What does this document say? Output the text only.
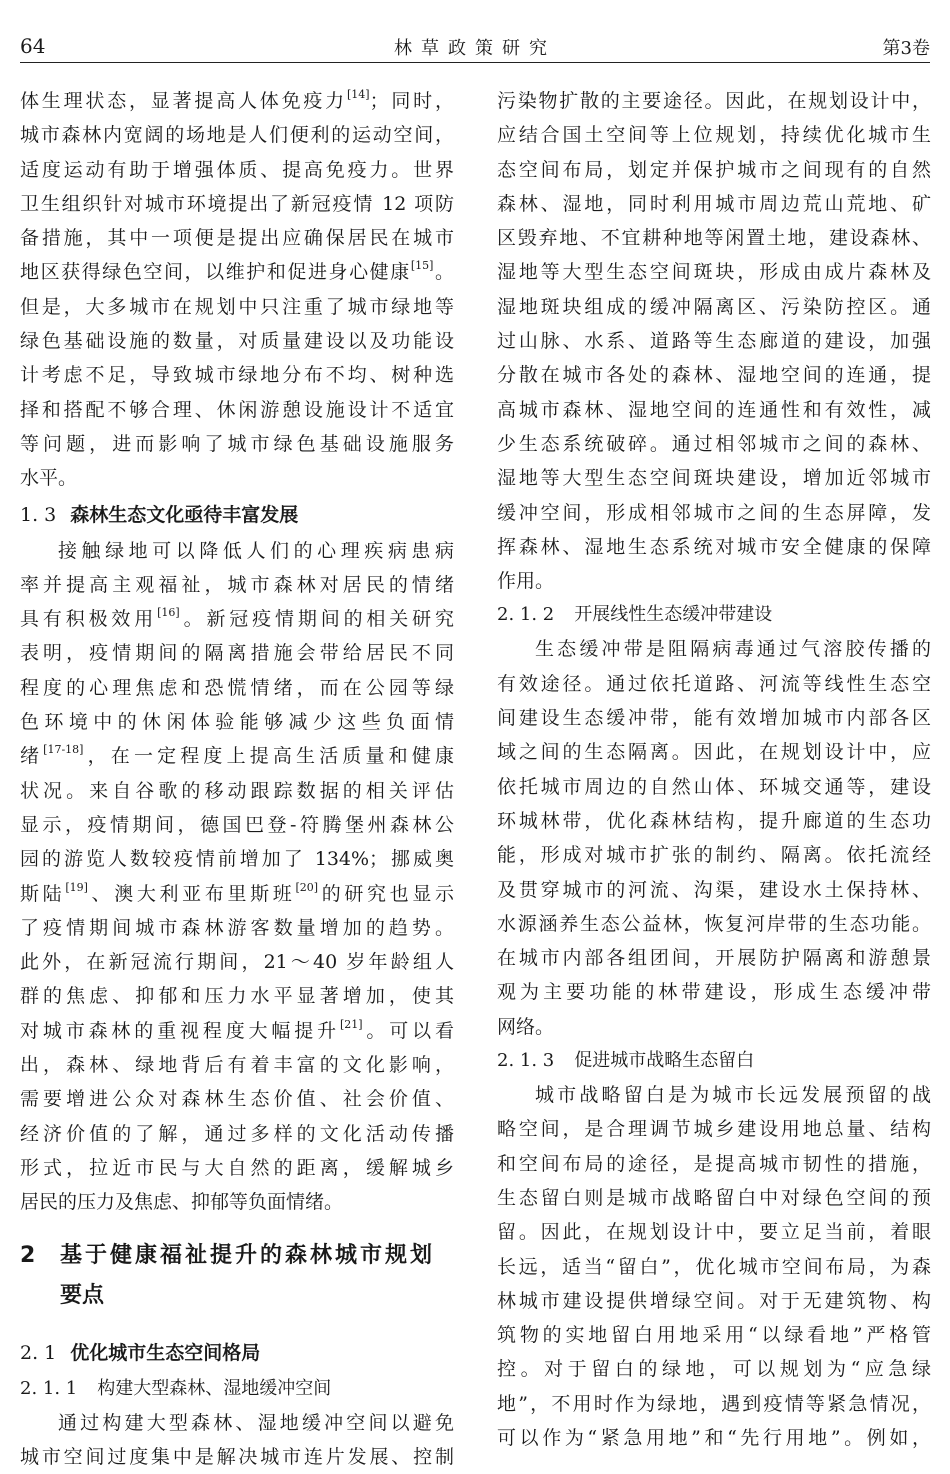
64	林草政策研究	第3卷
体生理状态，显著提高人体免疫力[14]；同时，
城市森林内宽阔的场地是人们便利的运动空间，
适度运动有助于增强体质、提高免疫力。世界
卫生组织针对城市环境提出了新冠疫情 12 项防
备措施，其中一项便是提出应确保居民在城市
地区获得绿色空间，以维护和促进身心健康[15]。
但是，大多城市在规划中只注重了城市绿地等
绿色基础设施的数量，对质量建设以及功能设
计考虑不足，导致城市绿地分布不均、树种选
择和搭配不够合理、休闲游憩设施设计不适宜
等问题，进而影响了城市绿色基础设施服务
水平。
1. 3 森林生态文化亟待丰富发展
接触绿地可以降低人们的心理疾病患病
率并提高主观福祉，城市森林对居民的情绪
具有积极效用[16]。新冠疫情期间的相关研究
表明，疫情期间的隔离措施会带给居民不同
程度的心理焦虑和恐慌情绪，而在公园等绿
色环境中的休闲体验能够减少这些负面情
绪[17-18]，在一定程度上提高生活质量和健康
状况。来自谷歌的移动跟踪数据的相关评估
显示，疫情期间，德国巴登-符腾堡州森林公
园的游览人数较疫情前增加了 134%；挪威奥
斯陆[19]、澳大利亚布里斯班[20]的研究也显示
了疫情期间城市森林游客数量增加的趋势。
此外，在新冠流行期间，21～40 岁年龄组人
群的焦虑、抑郁和压力水平显著增加，使其
对城市森林的重视程度大幅提升[21]。可以看
出，森林、绿地背后有着丰富的文化影响，
需要增进公众对森林生态价值、社会价值、
经济价值的了解，通过多样的文化活动传播
形式，拉近市民与大自然的距离，缓解城乡
居民的压力及焦虑、抑郁等负面情绪。
2 基于健康福祉提升的森林城市规划
要点
2. 1 优化城市生态空间格局
2. 1. 1 构建大型森林、湿地缓冲空间
通过构建大型森林、湿地缓冲空间以避免
城市空间过度集中是解决城市连片发展、控制
污染物扩散的主要途径。因此，在规划设计中，
应结合国土空间等上位规划，持续优化城市生
态空间布局，划定并保护城市之间现有的自然
森林、湿地，同时利用城市周边荒山荒地、矿
区毁弃地、不宜耕种地等闲置土地，建设森林、
湿地等大型生态空间斑块，形成由成片森林及
湿地斑块组成的缓冲隔离区、污染防控区。通
过山脉、水系、道路等生态廊道的建设，加强
分散在城市各处的森林、湿地空间的连通，提
高城市森林、湿地空间的连通性和有效性，减
少生态系统破碎。通过相邻城市之间的森林、
湿地等大型生态空间斑块建设，增加近邻城市
缓冲空间，形成相邻城市之间的生态屏障，发
挥森林、湿地生态系统对城市安全健康的保障
作用。
2. 1. 2 开展线性生态缓冲带建设
生态缓冲带是阻隔病毒通过气溶胶传播的
有效途径。通过依托道路、河流等线性生态空
间建设生态缓冲带，能有效增加城市内部各区
域之间的生态隔离。因此，在规划设计中，应
依托城市周边的自然山体、环城交通等，建设
环城林带，优化森林结构，提升廊道的生态功
能，形成对城市扩张的制约、隔离。依托流经
及贯穿城市的河流、沟渠，建设水土保持林、
水源涵养生态公益林，恢复河岸带的生态功能。
在城市内部各组团间，开展防护隔离和游憩景
观为主要功能的林带建设，形成生态缓冲带
网络。
2. 1. 3 促进城市战略生态留白
城市战略留白是为城市长远发展预留的战
略空间，是合理调节城乡建设用地总量、结构
和空间布局的途径，是提高城市韧性的措施，
生态留白则是城市战略留白中对绿色空间的预
留。因此，在规划设计中，要立足当前，着眼
长远，适当“留白”，优化城市空间布局，为森
林城市建设提供增绿空间。对于无建筑物、构
筑物的实地留白用地采用“以绿看地”严格管
控。对于留白的绿地，可以规划为“应急绿
地”，不用时作为绿地，遇到疫情等紧急情况，
可以作为“紧急用地”和“先行用地”。例如，
